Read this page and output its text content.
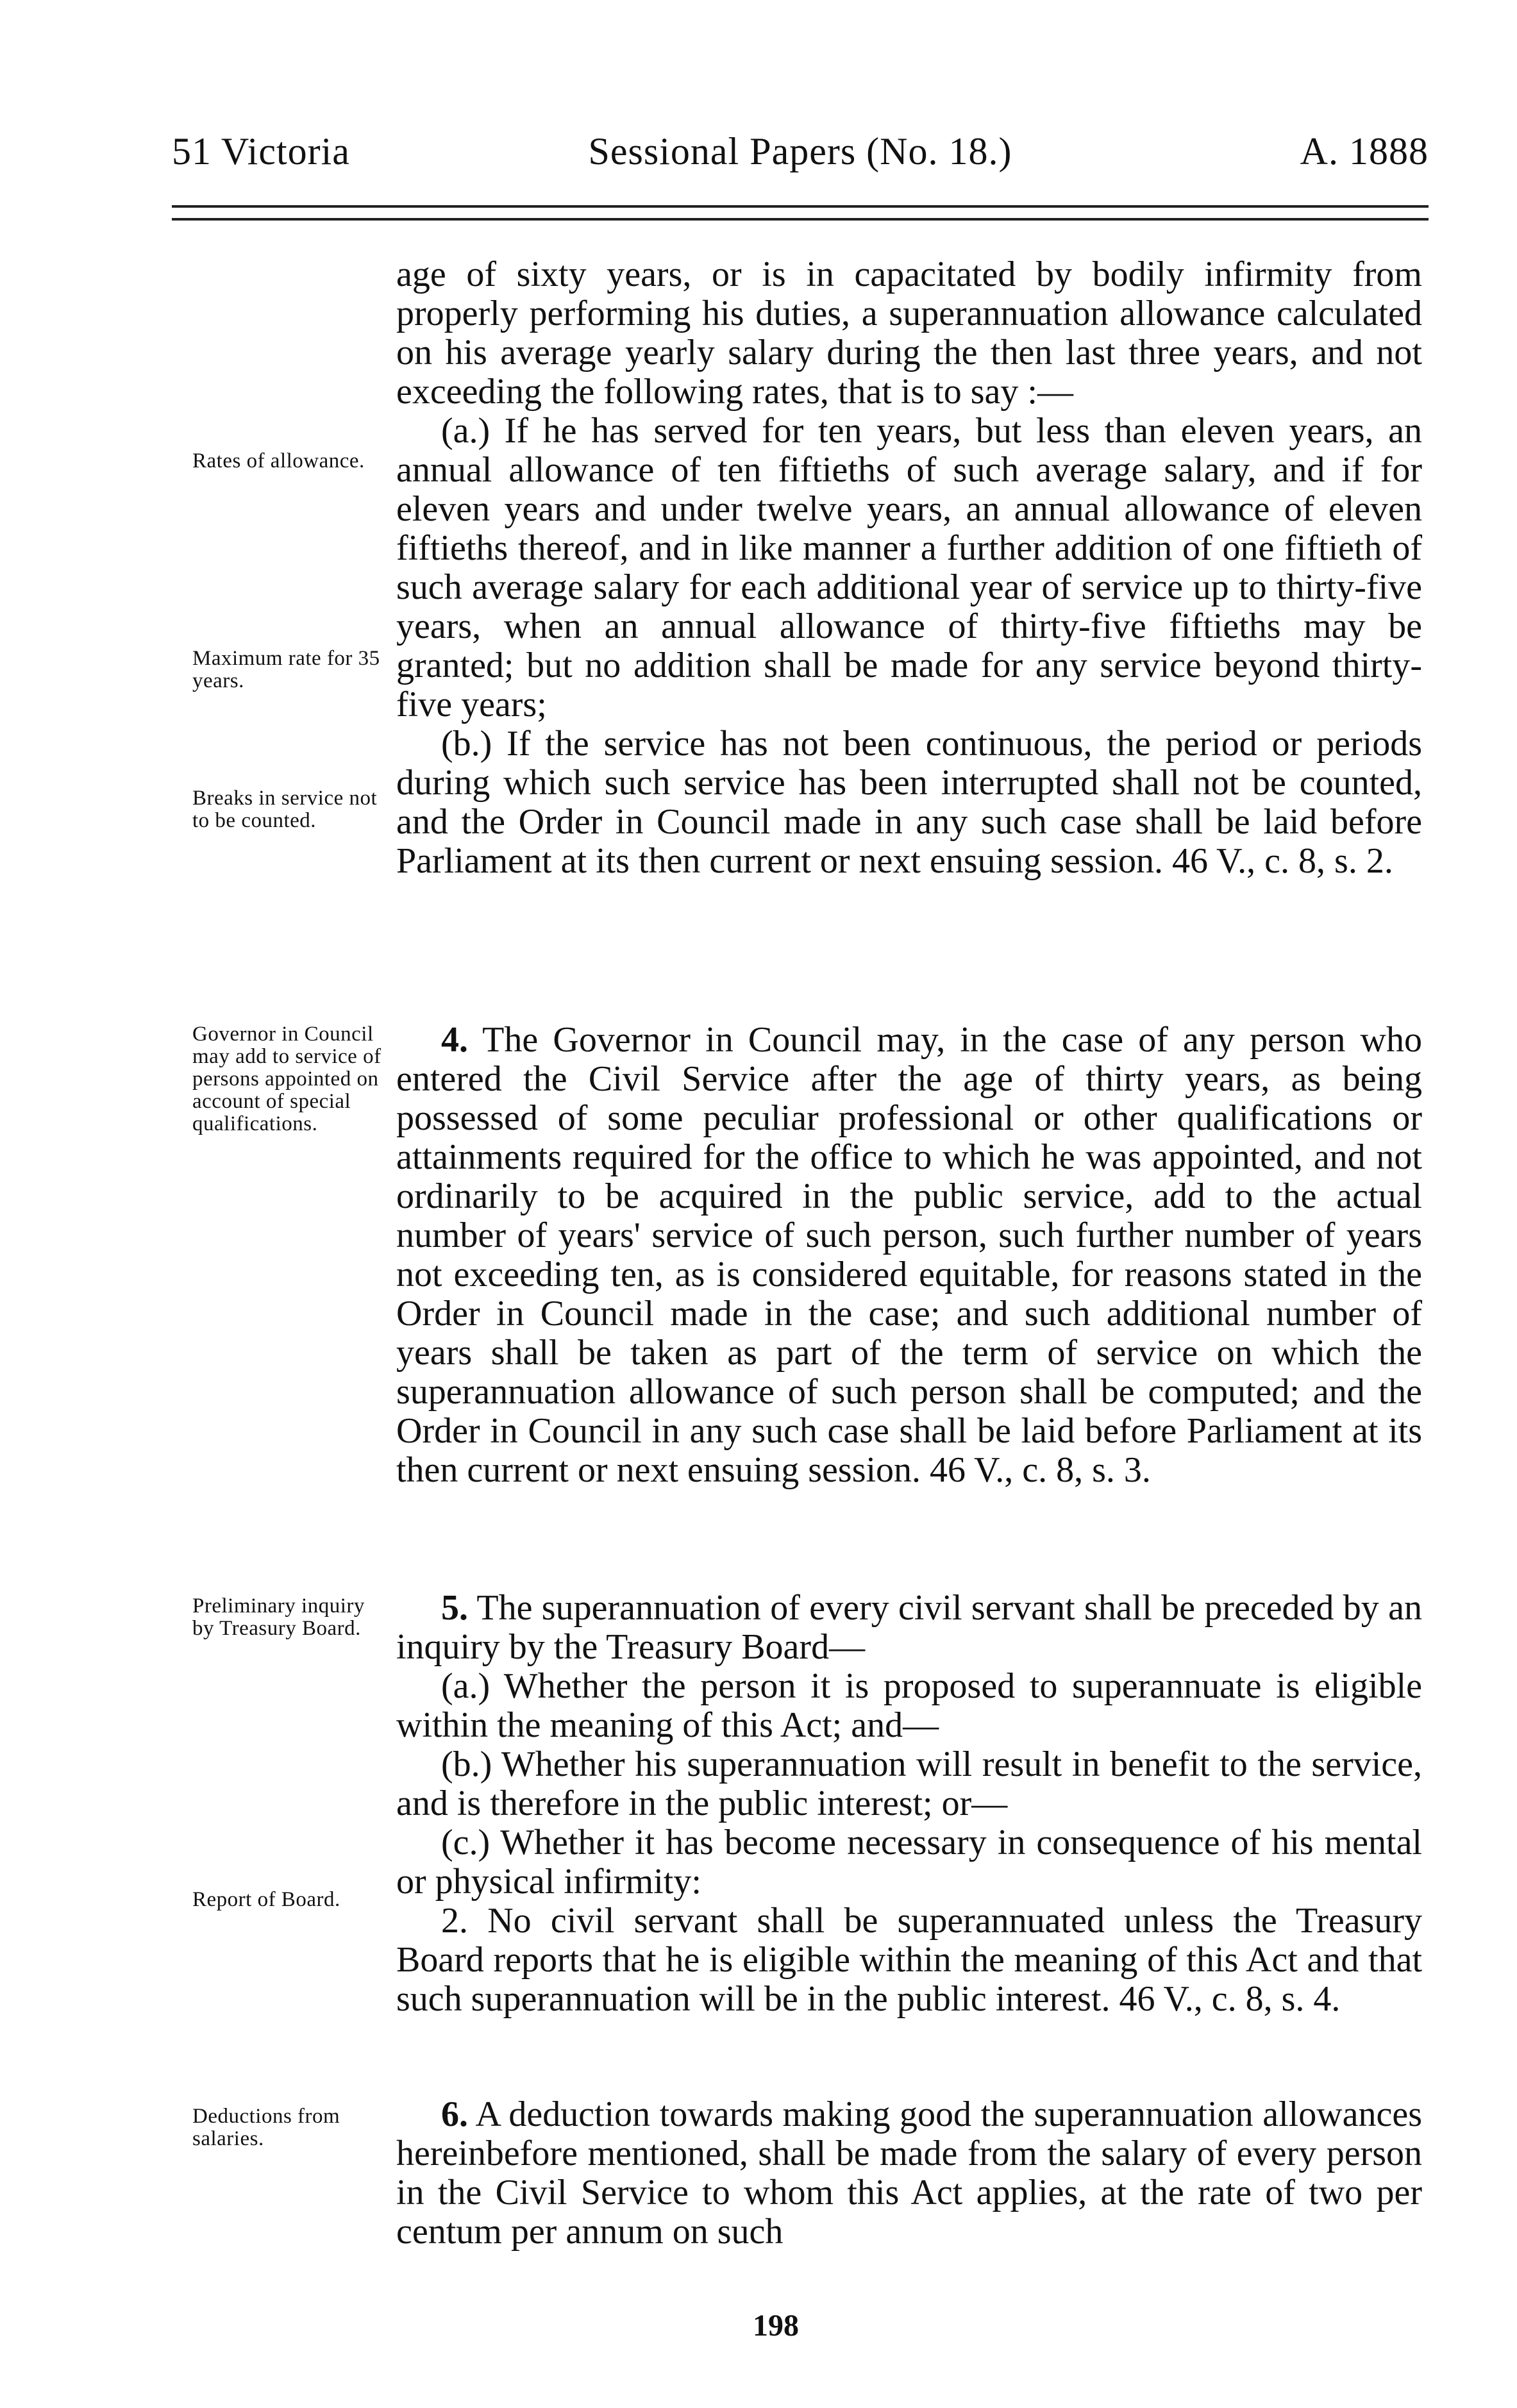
51 Victoria	Sessional Papers (No. 18.)	A. 1888
Rates of allowance.
Maximum rate for 35 years.
Breaks in service not to be counted.
Governor in Council may add to service of persons appointed on account of special qualifications.
Preliminary inquiry by Treasury Board.
Report of Board.
Deductions from salaries.

age of sixty years, or is in capacitated by bodily infirmity from properly performing his duties, a superannuation allowance calculated on his average yearly salary during the then last three years, and not exceeding the following rates, that is to say :—

(a.) If he has served for ten years, but less than eleven years, an annual allowance of ten fiftieths of such average salary, and if for eleven years and under twelve years, an annual allowance of eleven fiftieths thereof, and in like manner a further addition of one fiftieth of such average salary for each additional year of service up to thirty-five years, when an annual allowance of thirty-five fiftieths may be granted; but no addition shall be made for any service beyond thirty-five years;

(b.) If the service has not been continuous, the period or periods during which such service has been interrupted shall not be counted, and the Order in Council made in any such case shall be laid before Parliament at its then current or next ensuing session. 46 V., c. 8, s. 2.

4. The Governor in Council may, in the case of any person who entered the Civil Service after the age of thirty years, as being possessed of some peculiar professional or other qualifications or attainments required for the office to which he was appointed, and not ordinarily to be acquired in the public service, add to the actual number of years' service of such person, such further number of years not exceeding ten, as is considered equitable, for reasons stated in the Order in Council made in the case; and such additional number of years shall be taken as part of the term of service on which the superannuation allowance of such person shall be computed; and the Order in Council in any such case shall be laid before Parliament at its then current or next ensuing session. 46 V., c. 8, s. 3.

5. The superannuation of every civil servant shall be preceded by an inquiry by the Treasury Board—

(a.) Whether the person it is proposed to superannuate is eligible within the meaning of this Act; and—

(b.) Whether his superannuation will result in benefit to the service, and is therefore in the public interest; or—

(c.) Whether it has become necessary in consequence of his mental or physical infirmity:

2. No civil servant shall be superannuated unless the Treasury Board reports that he is eligible within the meaning of this Act and that such superannuation will be in the public interest. 46 V., c. 8, s. 4.

6. A deduction towards making good the superannuation allowances hereinbefore mentioned, shall be made from the salary of every person in the Civil Service to whom this Act applies, at the rate of two per centum per annum on such

198
